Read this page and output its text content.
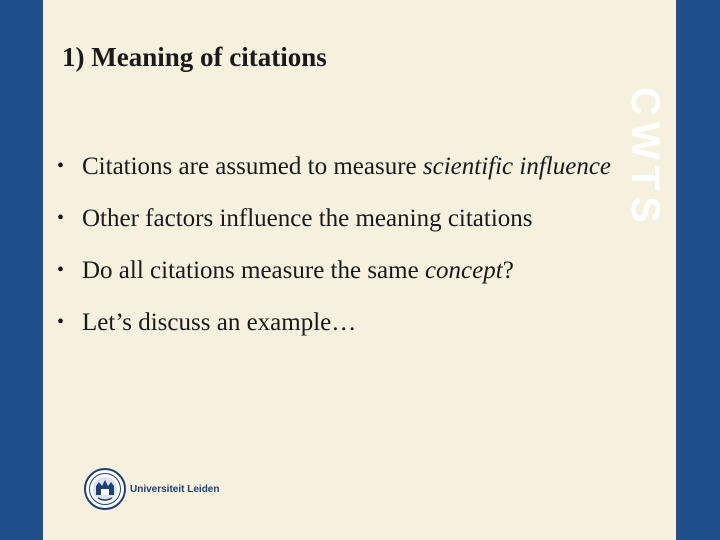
1) Meaning of citations
• Citations are assumed to measure scientific influence
• Other factors influence the meaning citations
• Do all citations measure the same concept?
• Let’s discuss an example…
CWTS
Universiteit Leiden
